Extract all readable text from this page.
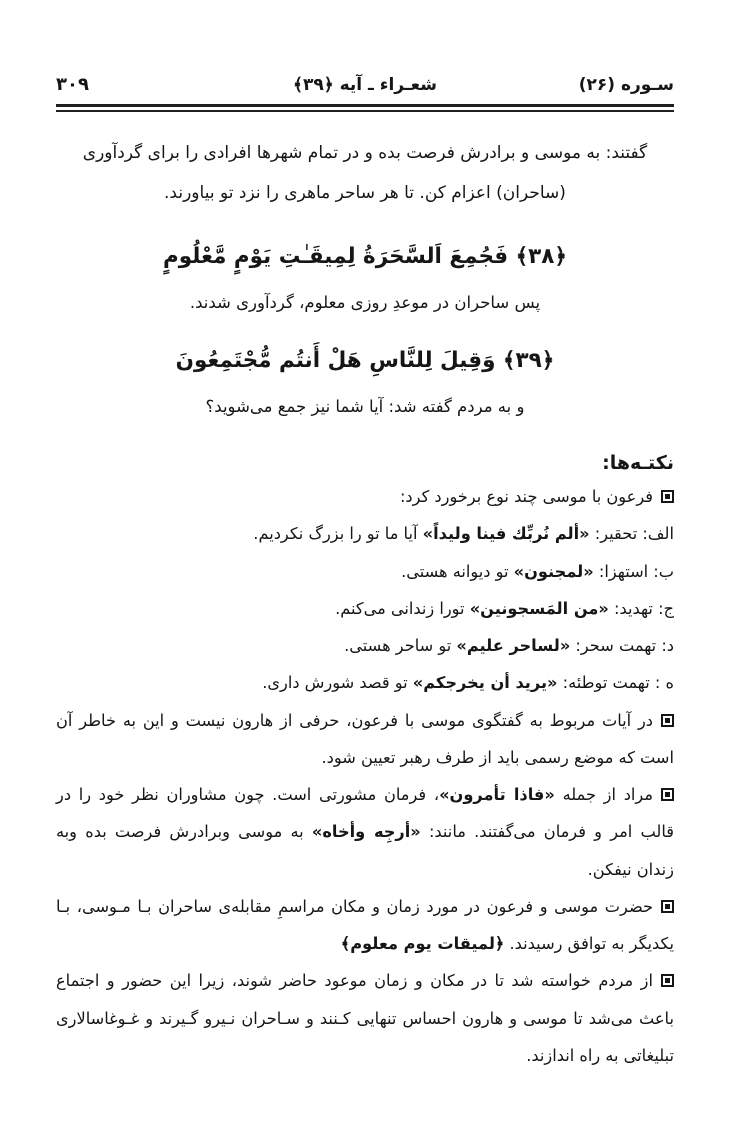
سـوره (۲۶)
شعـراء ـ آیه ﴿۳۹﴾
۳۰۹

گفتند: به موسی و برادرش فرصت بده و در تمام شهرها افرادی را برای گردآوری (ساحران) اعزام کن. تا هر ساحر ماهری را نزد تو بیاورند.

﴿۳۸﴾ فَجُمِعَ اَلسَّحَرَةُ لِمِيقَـٰتِ يَوْمٍ مَّعْلُومٍ

پس ساحران در موعدِ روزی معلوم، گردآوری شدند.

﴿۳۹﴾ وَقِيلَ لِلنَّاسِ هَلْ أَنتُم مُّجْتَمِعُونَ

و به مردم گفته شد: آیا شما نیز جمع می‌شوید؟

نکتـه‌ها:

فرعون با موسی چند نوع برخورد کرد:

الف: تحقیر: «ألم نُربِّك فینا ولیداً» آیا ما تو را بزرگ نکردیم.

ب: استهزا: «لمجنون» تو دیوانه هستی.

ج: تهدید: «من المَسجونین» تورا زندانی می‌کنم.

د: تهمت سحر: «لساحر علیم» تو ساحر هستی.

ه : تهمت توطئه: «یرید أن یخرجکم» تو قصد شورش داری.

در آیات مربوط به گفتگوی موسی با فرعون، حرفی از هارون نیست و این به خاطر آن است که موضع رسمی باید از طرف رهبر تعیین شود.

مراد از جمله «فاذا تأمرون»، فرمان مشورتی است. چون مشاوران نظر خود را در قالب امر و فرمان می‌گفتند. مانند: «أرجِه وأخاه» به موسی وبرادرش فرصت بده وبه زندان نیفکن.

حضرت موسی و فرعون در مورد زمان و مکان مراسمِ مقابله‌ی ساحران بـا مـوسی، بـا یکدیگر به توافق رسیدند. ﴿لمیقات یوم معلوم﴾

از مردم خواسته شد تا در مکان و زمان موعود حاضر شوند، زیرا این حضور و اجتماع باعث می‌شد تا موسی و هارون احساس تنهایی کـنند و سـاحران نـیرو گـیرند و غـوغاسالاری تبلیغاتی به راه اندازند.
